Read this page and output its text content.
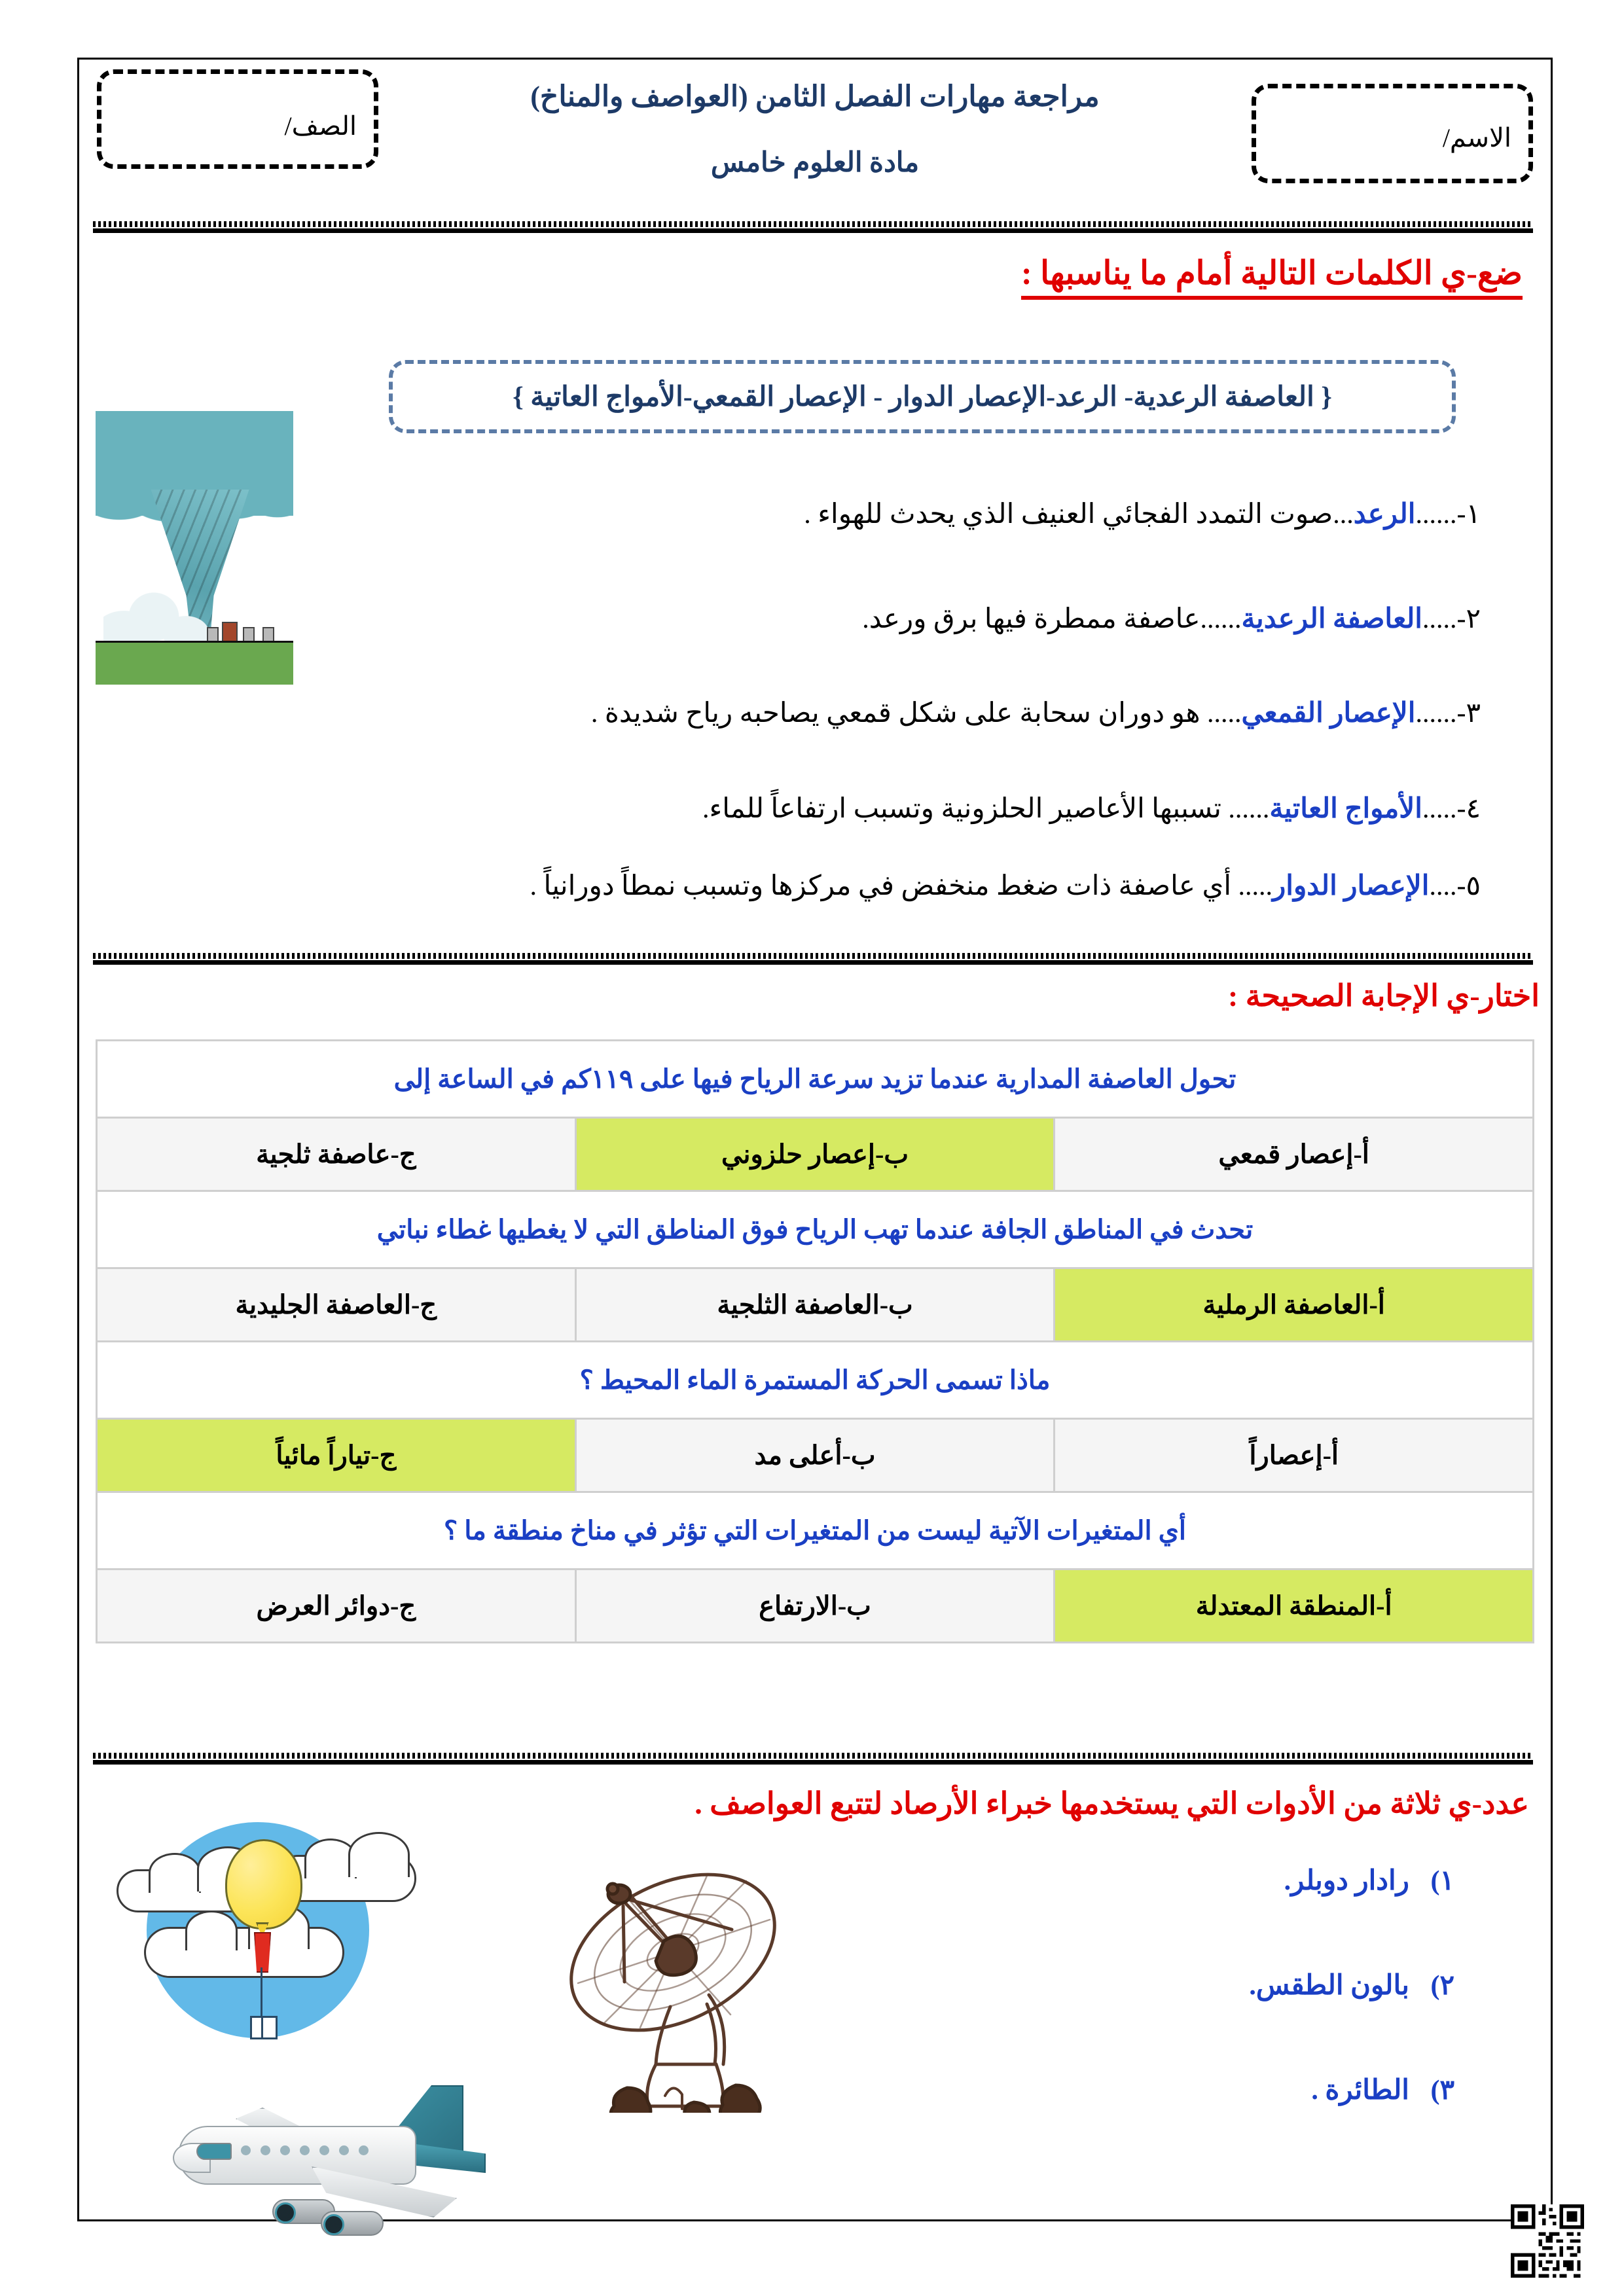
الاسم/
الصف/
مراجعة مهارات الفصل الثامن (العواصف والمناخ)
مادة العلوم خامس
ضع-ي الكلمات التالية أمام ما يناسبها :
{ العاصفة الرعدية- الرعد-الإعصار الدوار - الإعصار القمعي-الأمواج العاتية }
١-......الرعد...صوت التمدد الفجائي العنيف الذي يحدث للهواء .
٢-.....العاصفة الرعدية......عاصفة ممطرة فيها برق ورعد.
٣-......الإعصار القمعي..... هو دوران سحابة على شكل قمعي يصاحبه رياح شديدة .
٤-.....الأمواج العاتية...... تسببها الأعاصير الحلزونية وتسبب ارتفاعاً للماء.
٥-....الإعصار الدوار..... أي عاصفة ذات ضغط منخفض في مركزها وتسبب نمطاً دورانياً .
اختار-ي الإجابة الصحيحة :
تحول العاصفة المدارية عندما تزيد سرعة الرياح فيها على ١١٩كم في الساعة إلى		
أ-إعصار قمعي	ب-إعصار حلزوني	ج-عاصفة ثلجية
تحدث في المناطق الجافة عندما تهب الرياح فوق المناطق التي لا يغطيها غطاء نباتي		
أ-العاصفة الرملية	ب-العاصفة الثلجية	ج-العاصفة الجليدية
ماذا تسمى الحركة المستمرة الماء المحيط ؟		
أ-إعصاراً	ب-أعلى مد	ج-تياراً مائياً
أي المتغيرات الآتية ليست من المتغيرات التي تؤثر في مناخ منطقة ما ؟		
أ-المنطقة المعتدلة	ب-الارتفاع	ج-دوائر العرض
عدد-ي ثلاثة من الأدوات التي يستخدمها خبراء الأرصاد لتتبع العواصف .
١) رادار دوبلر.
٢) بالون الطقس.
٣) الطائرة .
